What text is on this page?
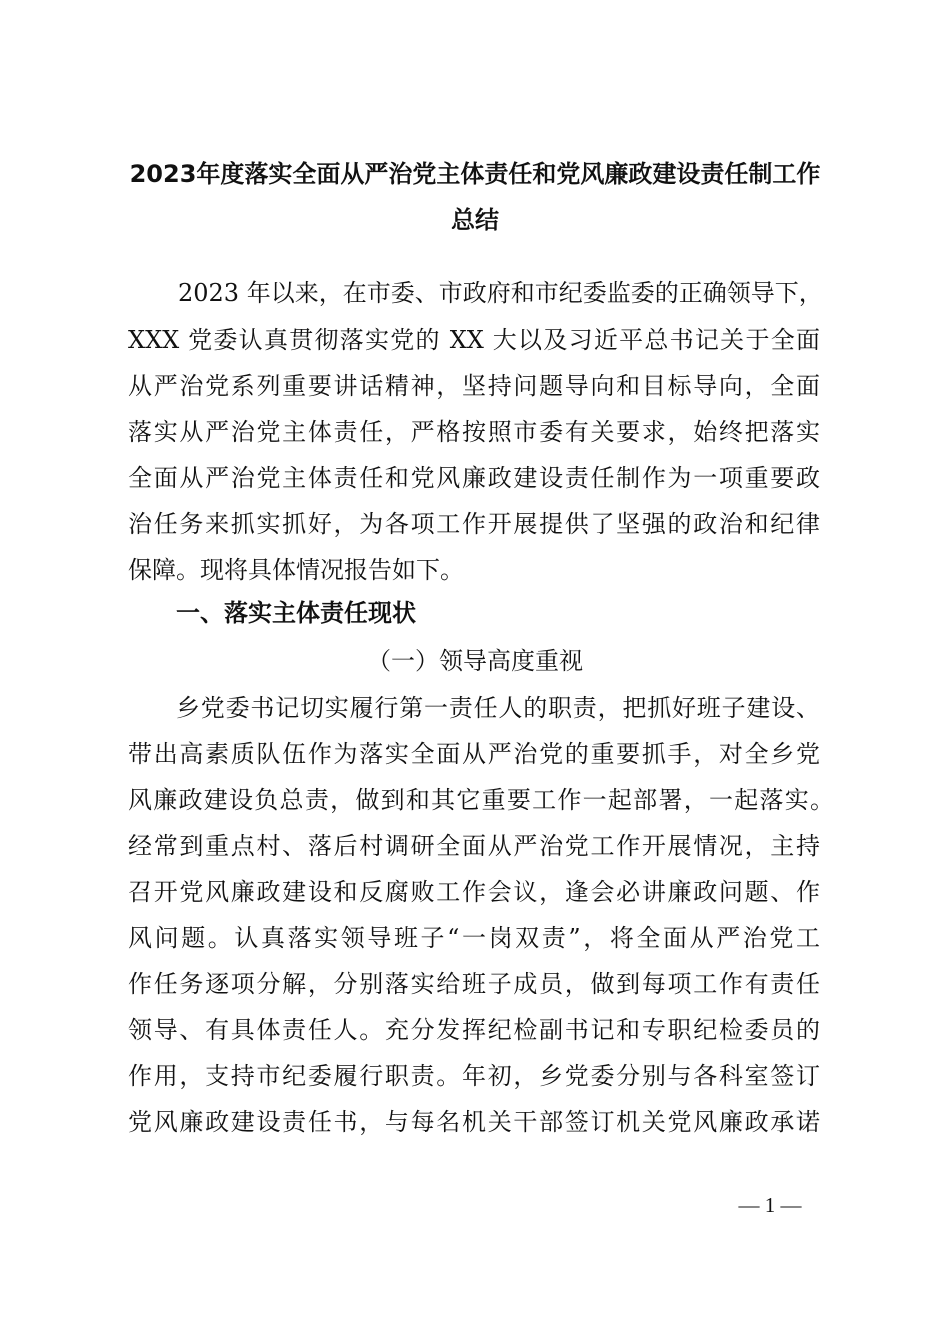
2023年度落实全面从严治党主体责任和党风廉政建设责任制工作
总结
2023 年以来，在市委、市政府和市纪委监委的正确领导下，
XXX 党委认真贯彻落实党的 XX 大以及习近平总书记关于全面
从严治党系列重要讲话精神，坚持问题导向和目标导向，全面
落实从严治党主体责任，严格按照市委有关要求，始终把落实
全面从严治党主体责任和党风廉政建设责任制作为一项重要政
治任务来抓实抓好，为各项工作开展提供了坚强的政治和纪律
保障。现将具体情况报告如下。
一、落实主体责任现状
（一）领导高度重视
乡党委书记切实履行第一责任人的职责，把抓好班子建设、
带出高素质队伍作为落实全面从严治党的重要抓手，对全乡党
风廉政建设负总责，做到和其它重要工作一起部署，一起落实。
经常到重点村、落后村调研全面从严治党工作开展情况，主持
召开党风廉政建设和反腐败工作会议，逢会必讲廉政问题、作
风问题。认真落实领导班子“一岗双责”，将全面从严治党工
作任务逐项分解，分别落实给班子成员，做到每项工作有责任
领导、有具体责任人。充分发挥纪检副书记和专职纪检委员的
作用，支持市纪委履行职责。年初，乡党委分别与各科室签订
党风廉政建设责任书，与每名机关干部签订机关党风廉政承诺
— 1 —
